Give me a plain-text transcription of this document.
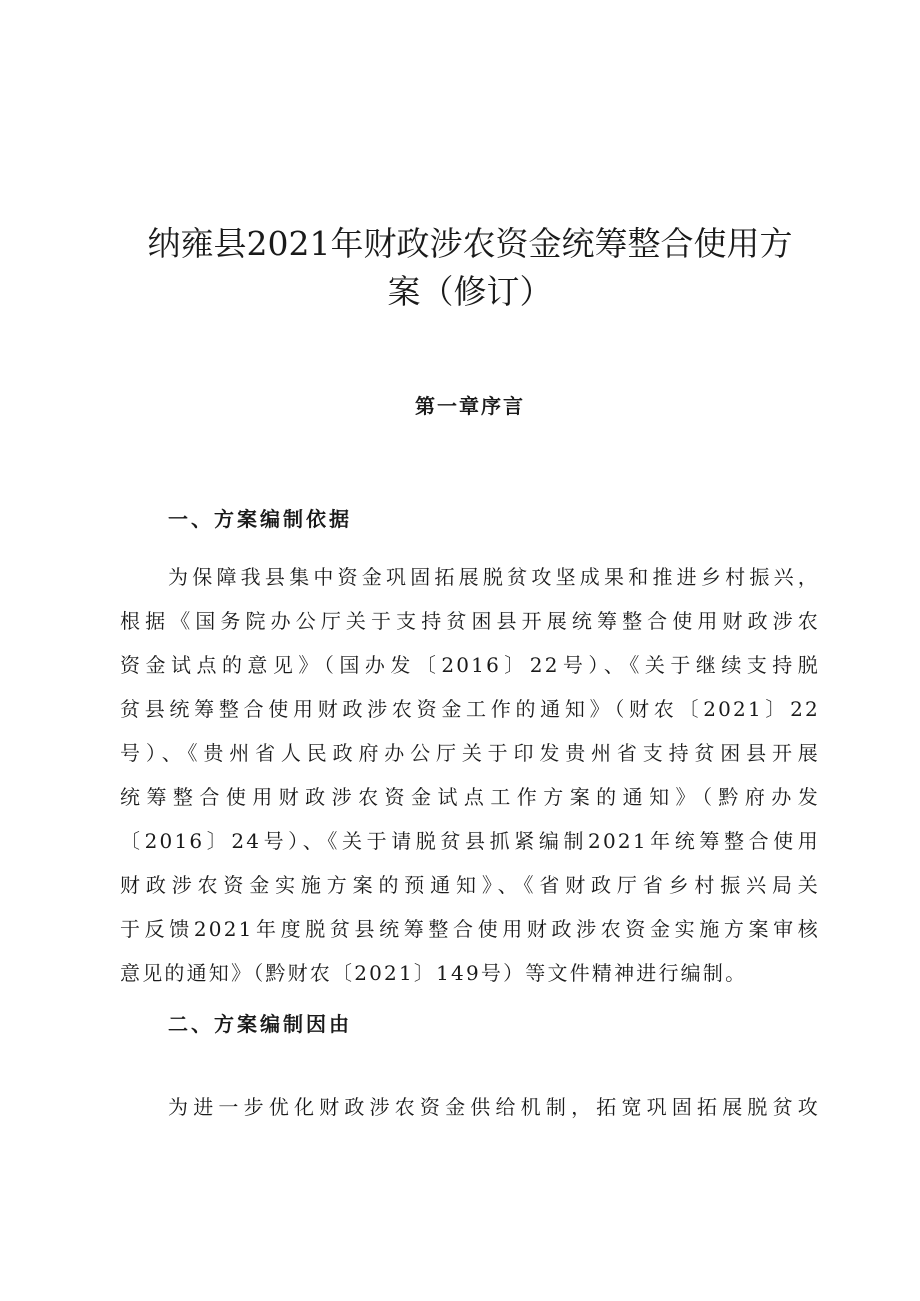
纳雍县2021年财政涉农资金统筹整合使用方
案（修订）
第一章序言
一、方案编制依据

为保障我县集中资金巩固拓展脱贫攻坚成果和推进乡村振兴，
根据《国务院办公厅关于支持贫困县开展统筹整合使用财政涉农
资金试点的意见》（国办发〔2016〕22号）、《关于继续支持脱
贫县统筹整合使用财政涉农资金工作的通知》（财农〔2021〕22
号）、《贵州省人民政府办公厅关于印发贵州省支持贫困县开展
统筹整合使用财政涉农资金试点工作方案的通知》（黔府办发
〔2016〕24号）、《关于请脱贫县抓紧编制2021年统筹整合使用
财政涉农资金实施方案的预通知》、《省财政厅省乡村振兴局关
于反馈2021年度脱贫县统筹整合使用财政涉农资金实施方案审核
意见的通知》（黔财农〔2021〕149号）等文件精神进行编制。

二、方案编制因由

为进一步优化财政涉农资金供给机制，拓宽巩固拓展脱贫攻
